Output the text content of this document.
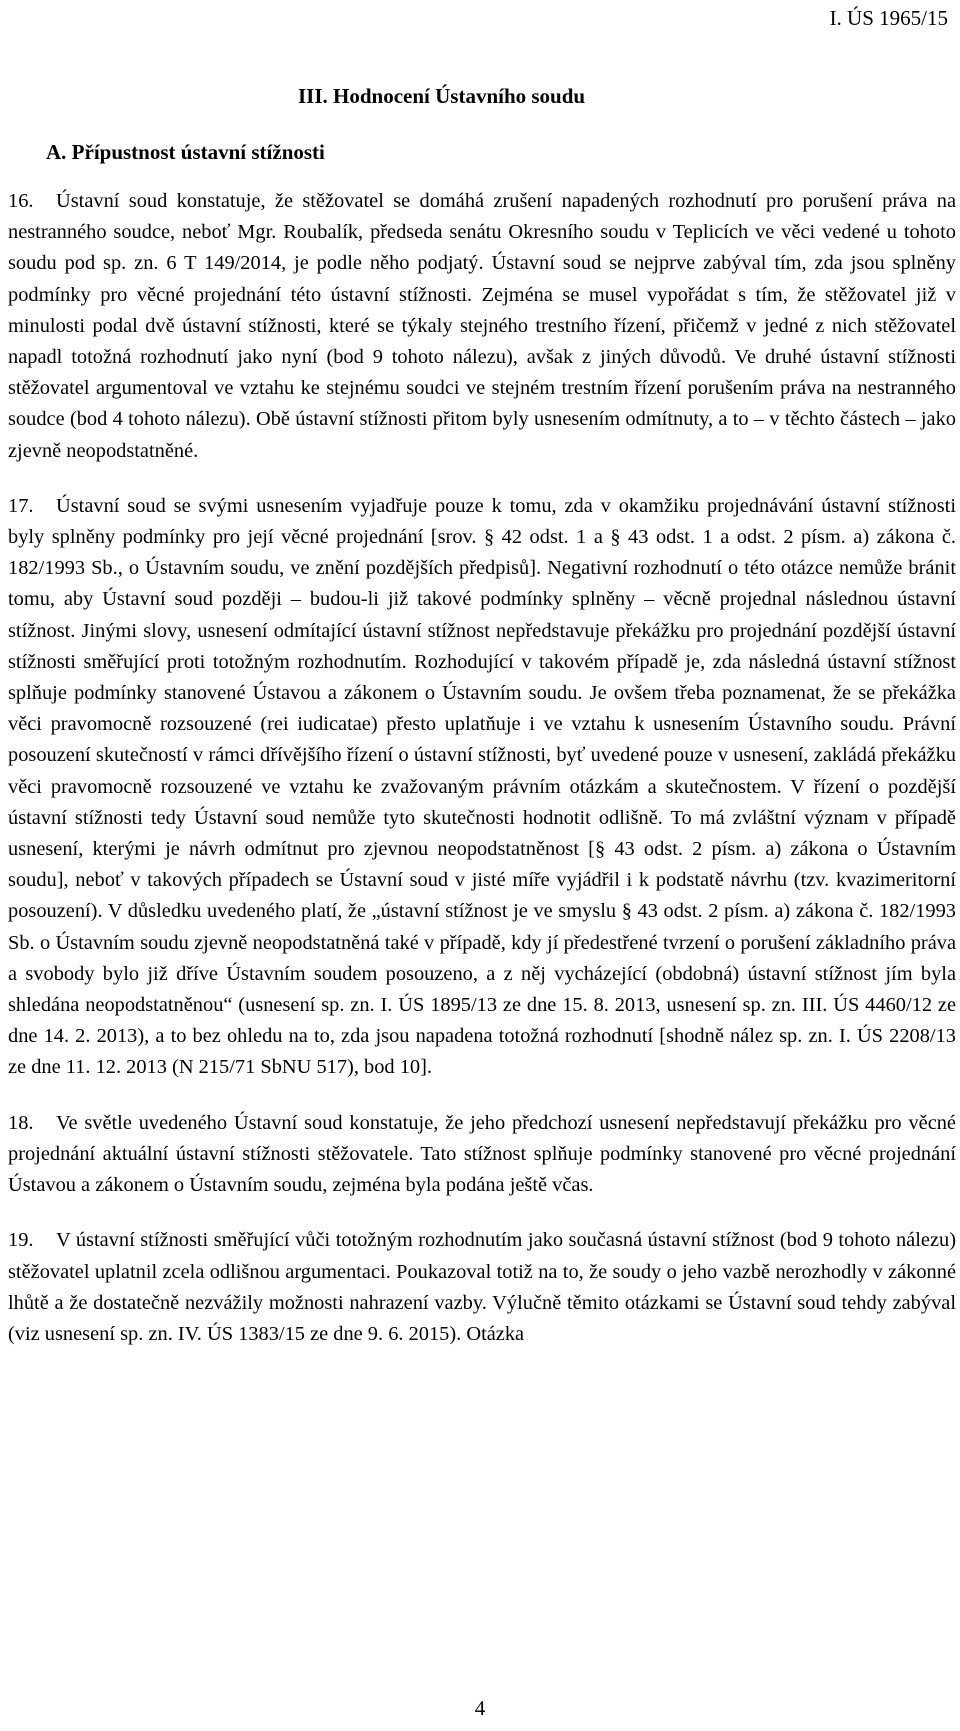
I. ÚS 1965/15
III. Hodnocení Ústavního soudu
A. Přípustnost ústavní stížnosti

16. Ústavní soud konstatuje, že stěžovatel se domáhá zrušení napadených rozhodnutí pro porušení práva na nestranného soudce, neboť Mgr. Roubalík, předseda senátu Okresního soudu v Teplicích ve věci vedené u tohoto soudu pod sp. zn. 6 T 149/2014, je podle něho podjatý. Ústavní soud se nejprve zabýval tím, zda jsou splněny podmínky pro věcné projednání této ústavní stížnosti. Zejména se musel vypořádat s tím, že stěžovatel již v minulosti podal dvě ústavní stížnosti, které se týkaly stejného trestního řízení, přičemž v jedné z nich stěžovatel napadl totožná rozhodnutí jako nyní (bod 9 tohoto nálezu), avšak z jiných důvodů. Ve druhé ústavní stížnosti stěžovatel argumentoval ve vztahu ke stejnému soudci ve stejném trestním řízení porušením práva na nestranného soudce (bod 4 tohoto nálezu). Obě ústavní stížnosti přitom byly usnesením odmítnuty, a to – v těchto částech – jako zjevně neopodstatněné.

17. Ústavní soud se svými usnesením vyjadřuje pouze k tomu, zda v okamžiku projednávání ústavní stížnosti byly splněny podmínky pro její věcné projednání [srov. § 42 odst. 1 a § 43 odst. 1 a odst. 2 písm. a) zákona č. 182/1993 Sb., o Ústavním soudu, ve znění pozdějších předpisů]. Negativní rozhodnutí o této otázce nemůže bránit tomu, aby Ústavní soud později – budou-li již takové podmínky splněny – věcně projednal následnou ústavní stížnost. Jinými slovy, usnesení odmítající ústavní stížnost nepředstavuje překážku pro projednání pozdější ústavní stížnosti směřující proti totožným rozhodnutím. Rozhodující v takovém případě je, zda následná ústavní stížnost splňuje podmínky stanovené Ústavou a zákonem o Ústavním soudu. Je ovšem třeba poznamenat, že se překážka věci pravomocně rozsouzené (rei iudicatae) přesto uplatňuje i ve vztahu k usnesením Ústavního soudu. Právní posouzení skutečností v rámci dřívějšího řízení o ústavní stížnosti, byť uvedené pouze v usnesení, zakládá překážku věci pravomocně rozsouzené ve vztahu ke zvažovaným právním otázkám a skutečnostem. V řízení o pozdější ústavní stížnosti tedy Ústavní soud nemůže tyto skutečnosti hodnotit odlišně. To má zvláštní význam v případě usnesení, kterými je návrh odmítnut pro zjevnou neopodstatněnost [§ 43 odst. 2 písm. a) zákona o Ústavním soudu], neboť v takových případech se Ústavní soud v jisté míře vyjádřil i k podstatě návrhu (tzv. kvazimeritorní posouzení). V důsledku uvedeného platí, že „ústavní stížnost je ve smyslu § 43 odst. 2 písm. a) zákona č. 182/1993 Sb. o Ústavním soudu zjevně neopodstatněná také v případě, kdy jí předestřené tvrzení o porušení základního práva a svobody bylo již dříve Ústavním soudem posouzeno, a z něj vycházející (obdobná) ústavní stížnost jím byla shledána neopodstatněnou“ (usnesení sp. zn. I. ÚS 1895/13 ze dne 15. 8. 2013, usnesení sp. zn. III. ÚS 4460/12 ze dne 14. 2. 2013), a to bez ohledu na to, zda jsou napadena totožná rozhodnutí [shodně nález sp. zn. I. ÚS 2208/13 ze dne 11. 12. 2013 (N 215/71 SbNU 517), bod 10].

18. Ve světle uvedeného Ústavní soud konstatuje, že jeho předchozí usnesení nepředstavují překážku pro věcné projednání aktuální ústavní stížnosti stěžovatele. Tato stížnost splňuje podmínky stanovené pro věcné projednání Ústavou a zákonem o Ústavním soudu, zejména byla podána ještě včas.

19. V ústavní stížnosti směřující vůči totožným rozhodnutím jako současná ústavní stížnost (bod 9 tohoto nálezu) stěžovatel uplatnil zcela odlišnou argumentaci. Poukazoval totiž na to, že soudy o jeho vazbě nerozhodly v zákonné lhůtě a že dostatečně nezvážily možnosti nahrazení vazby. Výlučně těmito otázkami se Ústavní soud tehdy zabýval (viz usnesení sp. zn. IV. ÚS 1383/15 ze dne 9. 6. 2015). Otázka

4
